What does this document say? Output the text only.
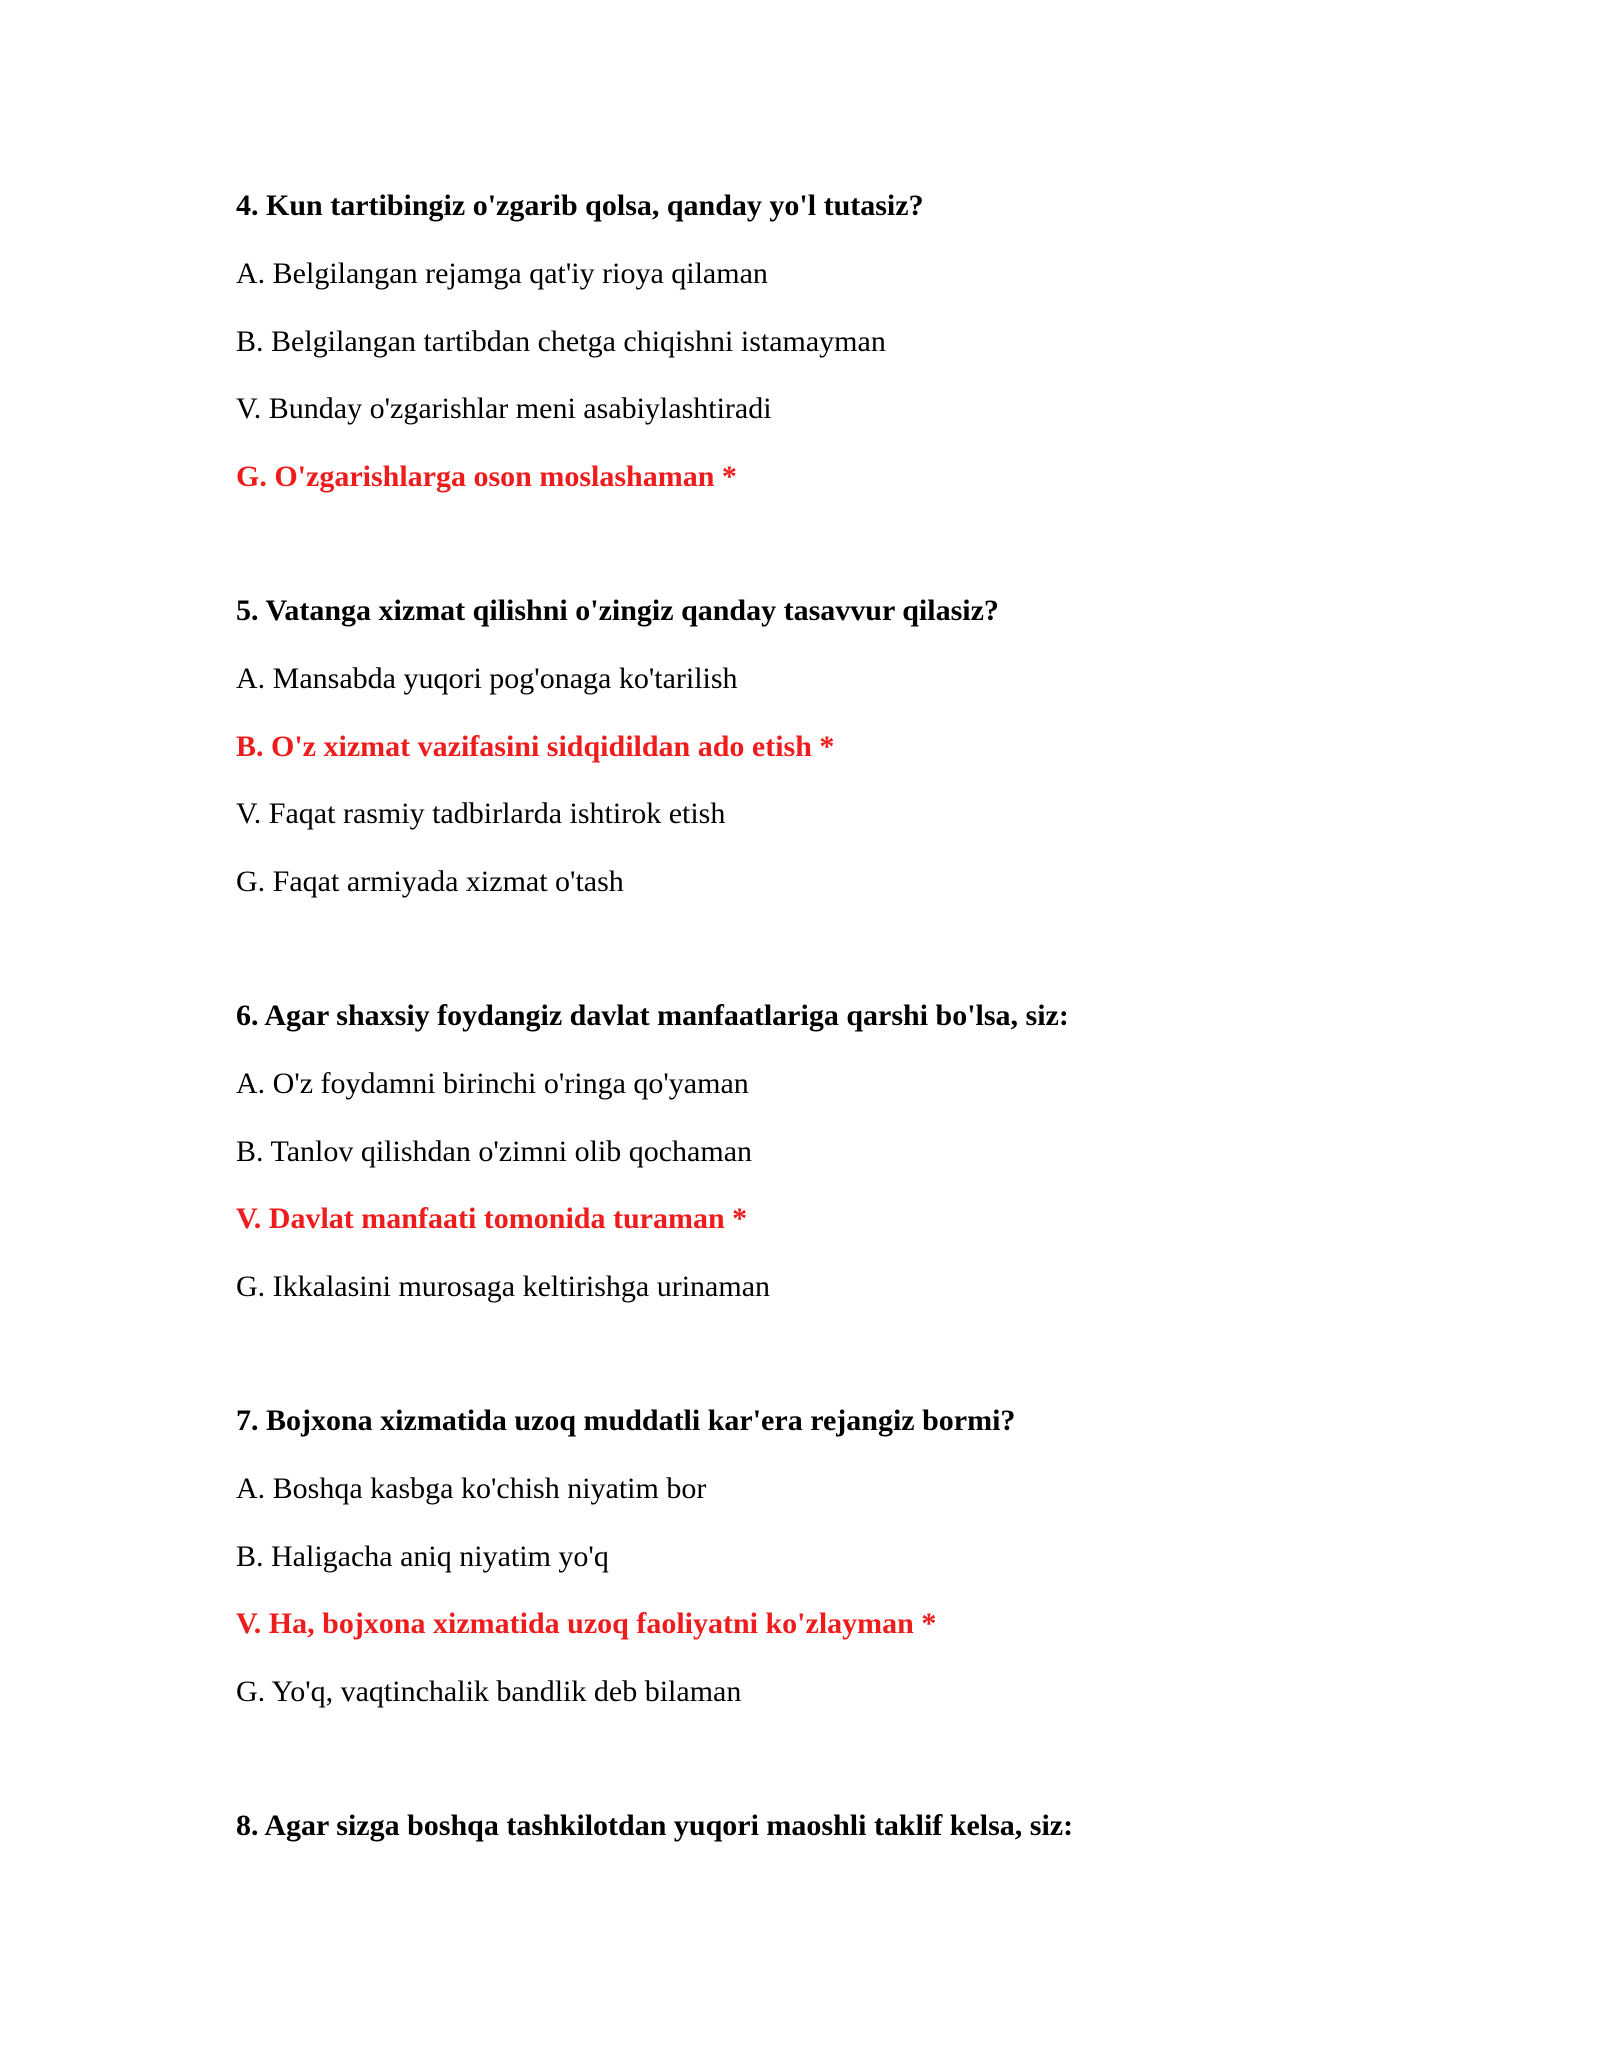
4. Kun tartibingiz o'zgarib qolsa, qanday yo'l tutasiz?

A. Belgilangan rejamga qat'iy rioya qilaman

B. Belgilangan tartibdan chetga chiqishni istamayman

V. Bunday o'zgarishlar meni asabiylashtiradi

G. O'zgarishlarga oson moslashaman *

5. Vatanga xizmat qilishni o'zingiz qanday tasavvur qilasiz?

A. Mansabda yuqori pog'onaga ko'tarilish

B. O'z xizmat vazifasini sidqidildan ado etish *

V. Faqat rasmiy tadbirlarda ishtirok etish

G. Faqat armiyada xizmat o'tash

6. Agar shaxsiy foydangiz davlat manfaatlariga qarshi bo'lsa, siz:

A. O'z foydamni birinchi o'ringa qo'yaman

B. Tanlov qilishdan o'zimni olib qochaman

V. Davlat manfaati tomonida turaman *

G. Ikkalasini murosaga keltirishga urinaman

7. Bojxona xizmatida uzoq muddatli kar'era rejangiz bormi?

A. Boshqa kasbga ko'chish niyatim bor

B. Haligacha aniq niyatim yo'q

V. Ha, bojxona xizmatida uzoq faoliyatni ko'zlayman *

G. Yo'q, vaqtinchalik bandlik deb bilaman

8. Agar sizga boshqa tashkilotdan yuqori maoshli taklif kelsa, siz:
